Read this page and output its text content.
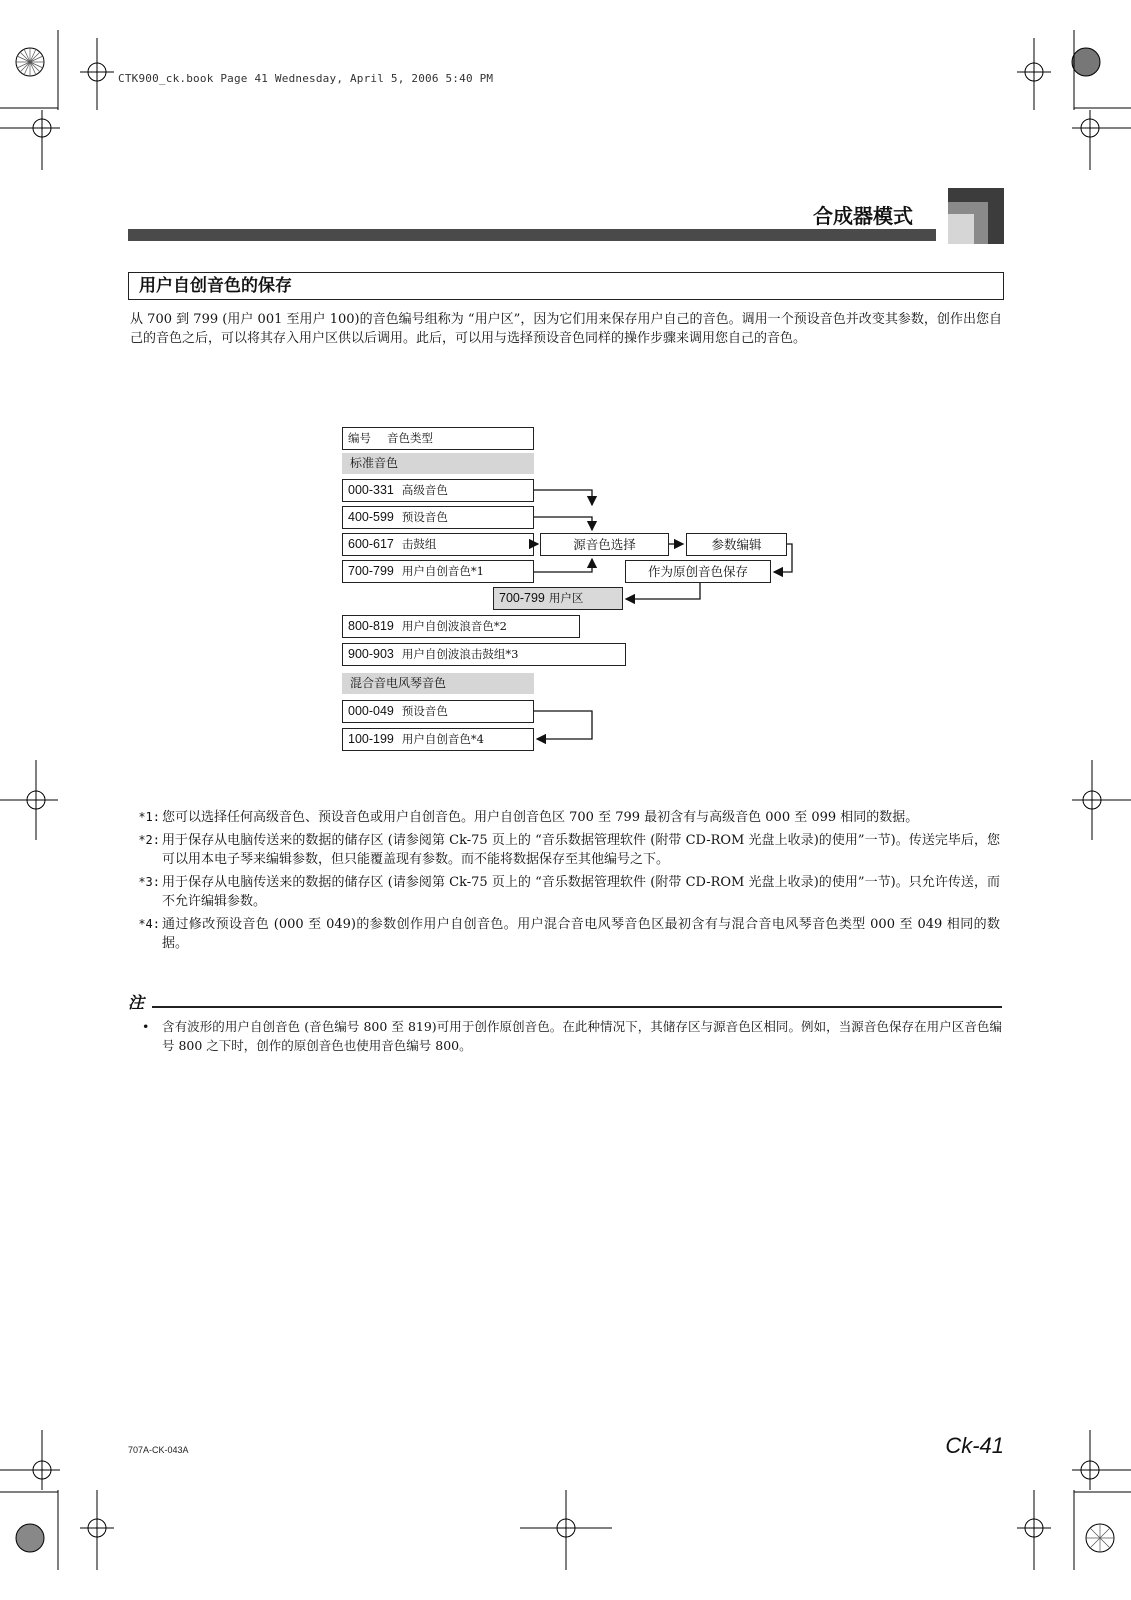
CTK900_ck.book Page 41 Wednesday, April 5, 2006 5:40 PM
合成器模式
用户自创音色的保存
从 700 到 799 (用户 001 至用户 100)的音色编号组称为 “用户区”，因为它们用来保存用户自己的音色。调用一个预设音色并改变其参数，创作出您自己的音色之后，可以将其存入用户区供以后调用。此后，可以用与选择预设音色同样的操作步骤来调用您自己的音色。
编号 音色类型
标准音色
000-331 高级音色
400-599 预设音色
600-617 击鼓组
700-799 用户自创音色*1
源音色选择	参数编辑
作为原创音色保存
700-799 用户区
800-819 用户自创波浪音色*2
900-903 用户自创波浪击鼓组*3
混合音电风琴音色
000-049 预设音色
100-199 用户自创音色*4
*1: 您可以选择任何高级音色、预设音色或用户自创音色。用户自创音色区 700 至 799 最初含有与高级音色 000 至 099 相同的数据。
*2: 用于保存从电脑传送来的数据的储存区 (请参阅第 Ck-75 页上的 “音乐数据管理软件 (附带 CD-ROM 光盘上收录)的使用”一节)。传送完毕后，您可以用本电子琴来编辑参数，但只能覆盖现有参数。而不能将数据保存至其他编号之下。
*3: 用于保存从电脑传送来的数据的储存区 (请参阅第 Ck-75 页上的 “音乐数据管理软件 (附带 CD-ROM 光盘上收录)的使用”一节)。只允许传送，而不允许编辑参数。
*4: 通过修改预设音色 (000 至 049)的参数创作用户自创音色。用户混合音电风琴音色区最初含有与混合音电风琴音色类型 000 至 049 相同的数据。
注
•	含有波形的用户自创音色 (音色编号 800 至 819)可用于创作原创音色。在此种情况下，其储存区与源音色区相同。例如，当源音色保存在用户区音色编号 800 之下时，创作的原创音色也使用音色编号 800。
707A-CK-043A	Ck-41
